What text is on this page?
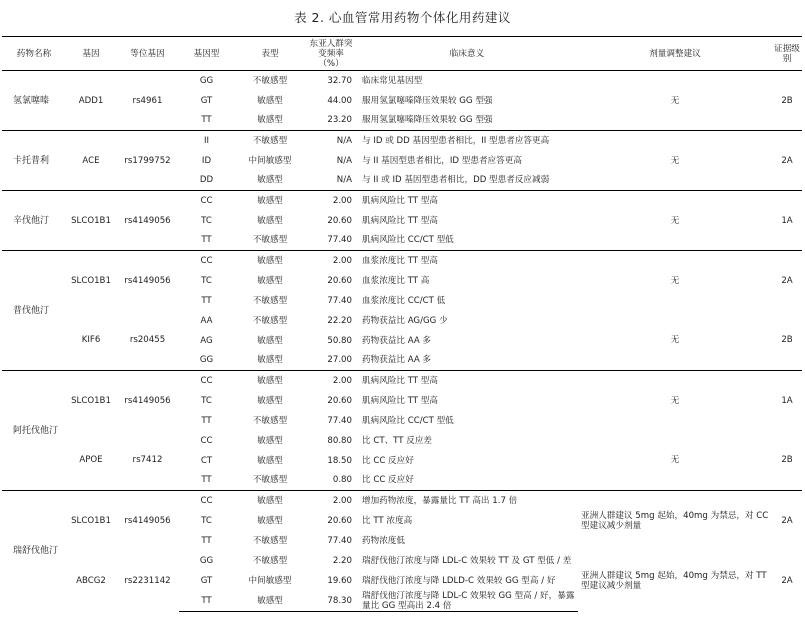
表 2. 心血管常用药物个体化用药建议
药物名称	基因	等位基因	基因型	表型	东亚人群突变频率（%）	临床意义	剂量调整建议	证据级别
氢氯噻嗪	ADD1	rs4961	GG	不敏感型	32.70	临床常见基因型	无	2B
			GT	敏感型	44.00	服用氢氯噻嗪降压效果较 GG 型强		
			TT	敏感型	23.20	服用氢氯噻嗪降压效果较 GG 型强		
卡托普利	ACE	rs1799752	II	不敏感型	N/A	与 ID 或 DD 基因型患者相比，II 型患者应答更高	无	2A
			ID	中间敏感型	N/A	与 II 基因型患者相比，ID 型患者应答更高		
			DD	敏感型	N/A	与 II 或 ID 基因型患者相比，DD 型患者反应减弱		
辛伐他汀	SLCO1B1	rs4149056	CC	敏感型	2.00	肌病风险比 TT 型高	无	1A
			TC	敏感型	20.60	肌病风险比 TT 型高		
			TT	不敏感型	77.40	肌病风险比 CC/CT 型低		
普伐他汀	SLCO1B1	rs4149056	CC	敏感型	2.00	血浆浓度比 TT 型高	无	2A
			TC	敏感型	20.60	血浆浓度比 TT 高		
			TT	不敏感型	77.40	血浆浓度比 CC/CT 低		
	KIF6	rs20455	AA	不敏感型	22.20	药物获益比 AG/GG 少	无	2B
			AG	敏感型	50.80	药物获益比 AA 多		
			GG	敏感型	27.00	药物获益比 AA 多		
阿托伐他汀	SLCO1B1	rs4149056	CC	敏感型	2.00	肌病风险比 TT 型高	无	1A
			TC	敏感型	20.60	肌病风险比 TT 型高		
			TT	不敏感型	77.40	肌病风险比 CC/CT 型低		
	APOE	rs7412	CC	敏感型	80.80	比 CT、TT 反应差	无	2B
			CT	敏感型	18.50	比 CC 反应好		
			TT	不敏感型	0.80	比 CC 反应好		
瑞舒伐他汀	SLCO1B1	rs4149056	CC	敏感型	2.00	增加药物浓度，暴露量比 TT 高出 1.7 倍	亚洲人群建议 5mg 起始，40mg 为禁忌，对 CC 型建议减少剂量	2A
			TC	敏感型	20.60	比 TT 浓度高		
			TT	不敏感型	77.40	药物浓度低		
	ABCG2	rs2231142	GG	不敏感型	2.20	瑞舒伐他汀浓度与降 LDL-C 效果较 TT 及 GT 型低 / 差	亚洲人群建议 5mg 起始，40mg 为禁忌，对 TT 型建议减少剂量	2A
			GT	中间敏感型	19.60	瑞舒伐他汀浓度与降 LDLD-C 效果较 GG 型高 / 好		
			TT	敏感型	78.30	瑞舒伐他汀浓度与降 LDL-C 效果较 GG 型高 / 好，暴露量比 GG 型高出 2.4 倍		
